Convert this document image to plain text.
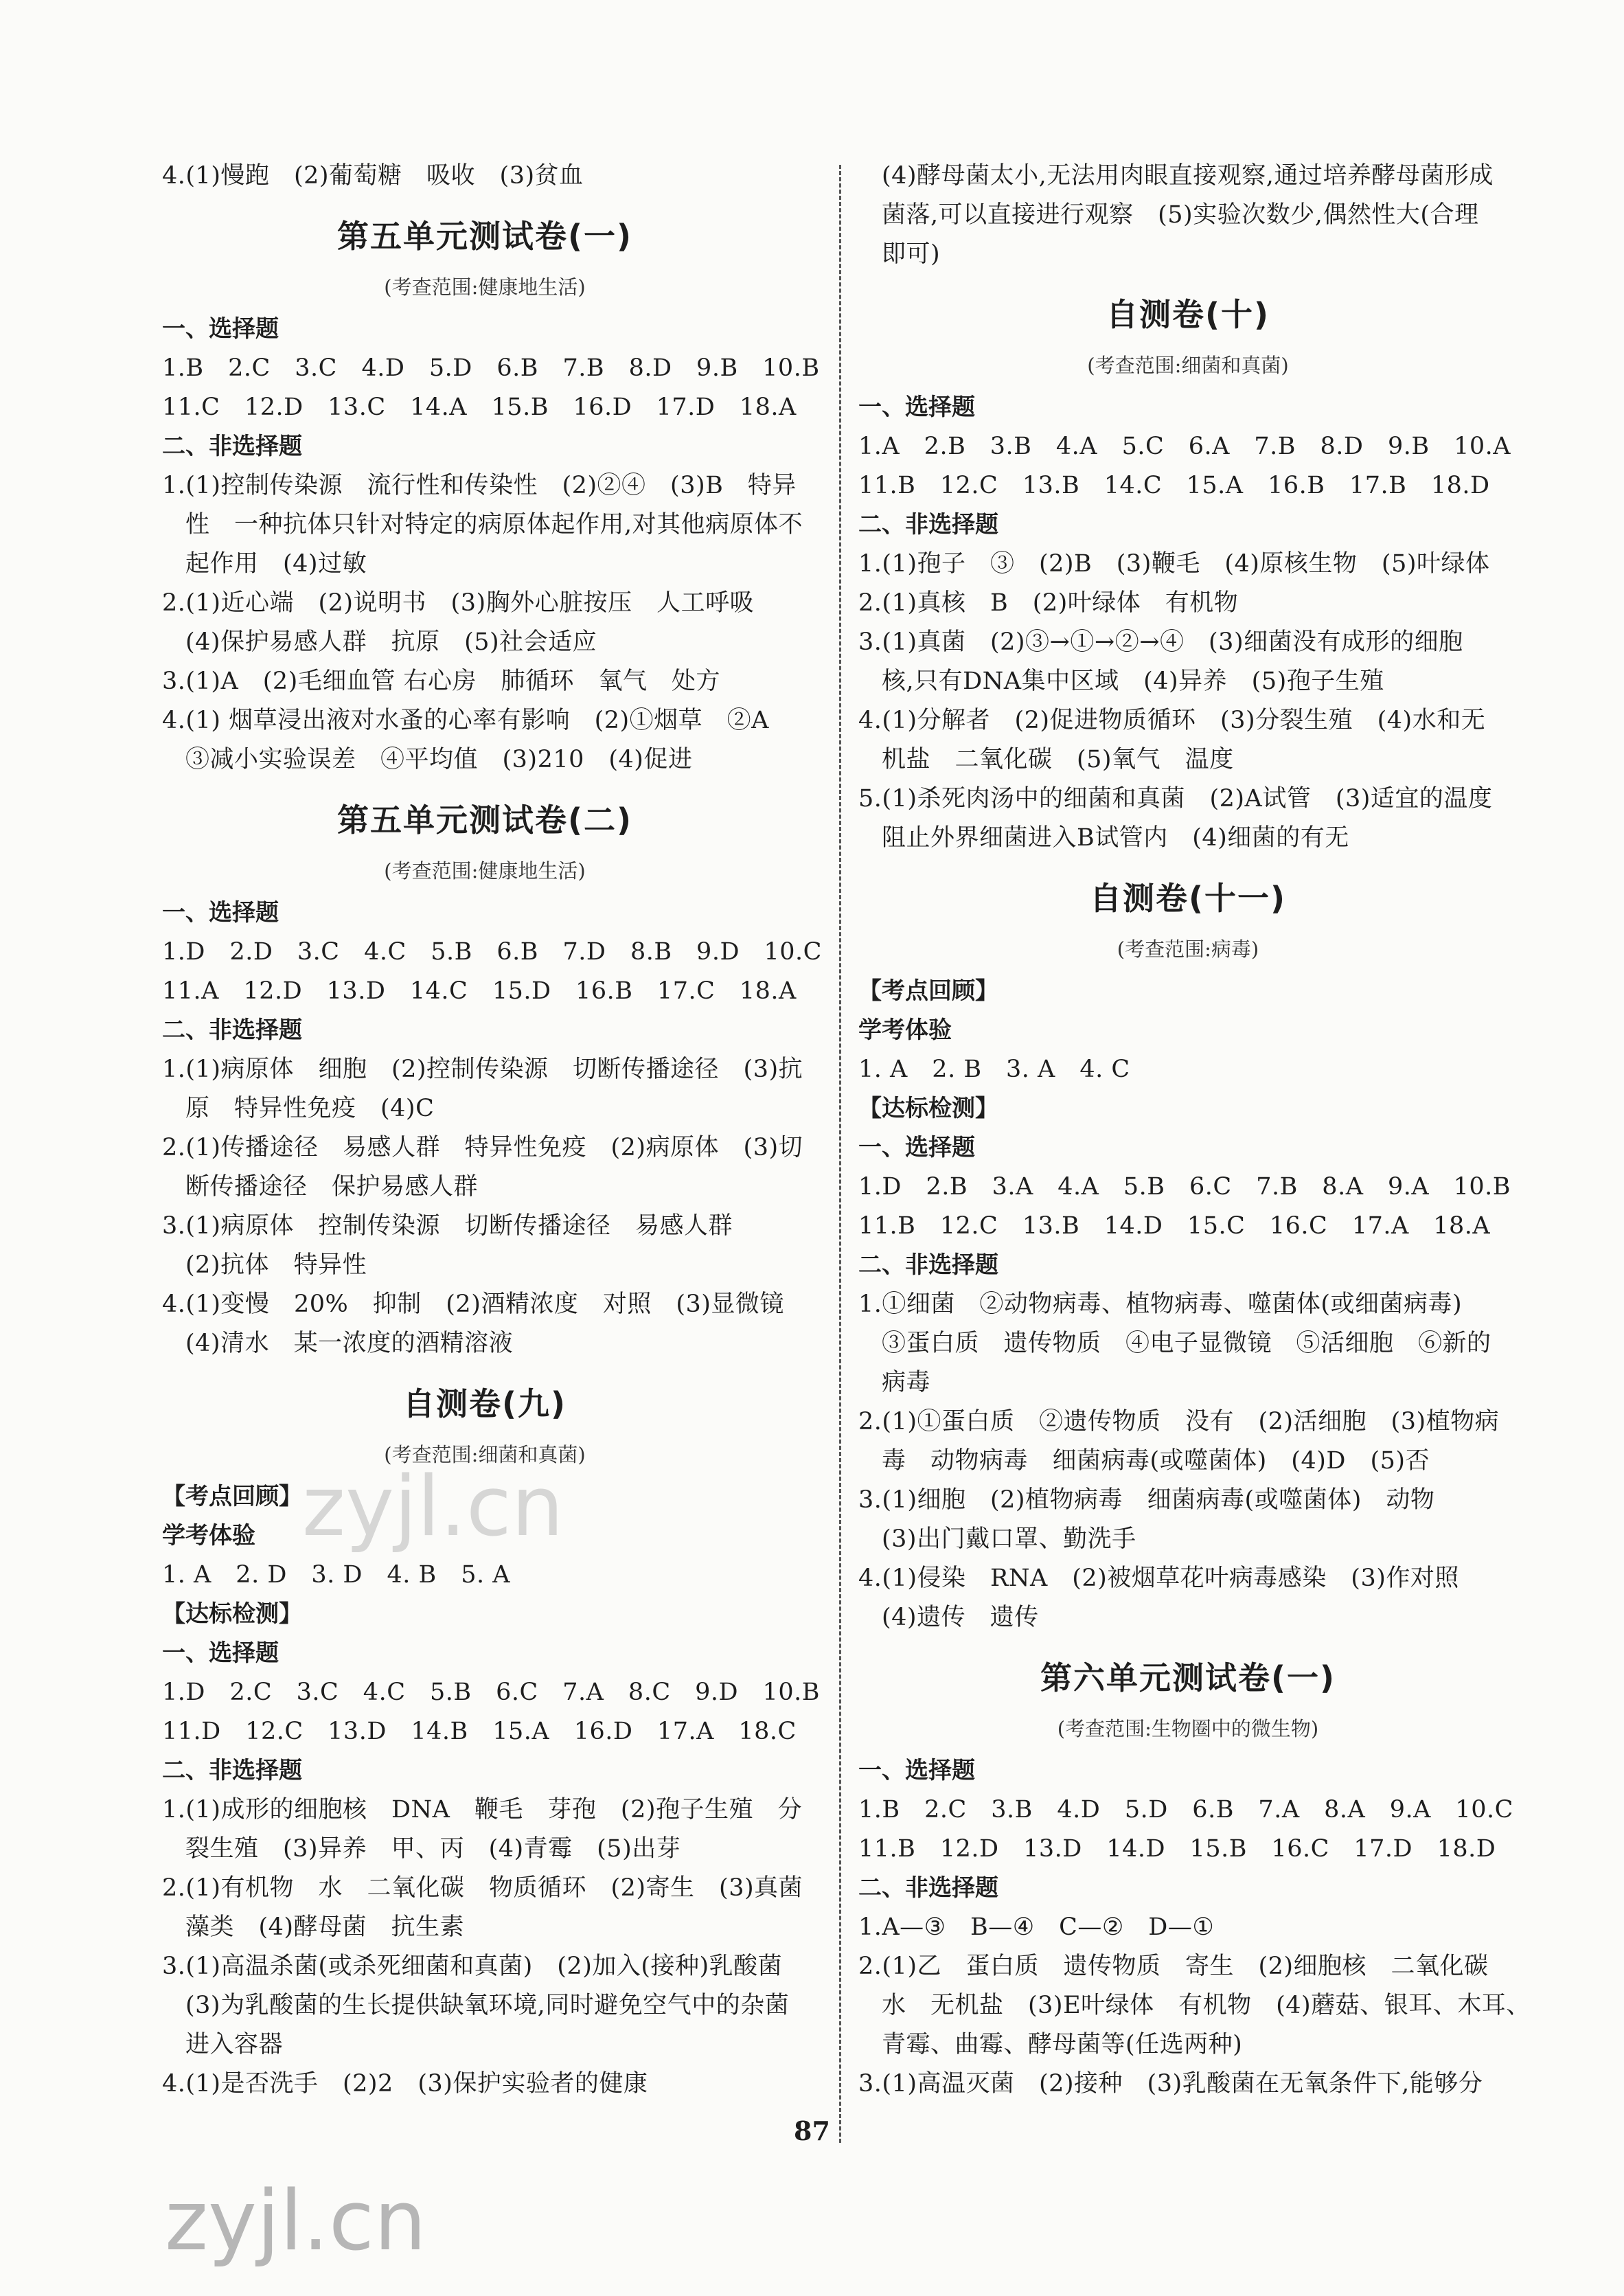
4.(1)慢跑　(2)葡萄糖　吸收　(3)贫血
第五单元测试卷(一)
(考查范围:健康地生活)
一、选择题
1.B　2.C　3.C　4.D　5.D　6.B　7.B　8.D　9.B　10.B
11.C　12.D　13.C　14.A　15.B　16.D　17.D　18.A
二、非选择题
1.(1)控制传染源　流行性和传染性　(2)②④　(3)B　特异
性　一种抗体只针对特定的病原体起作用,对其他病原体不
起作用　(4)过敏
2.(1)近心端　(2)说明书　(3)胸外心脏按压　人工呼吸
(4)保护易感人群　抗原　(5)社会适应
3.(1)A　(2)毛细血管 右心房　肺循环　氧气　处方
4.(1) 烟草浸出液对水蚤的心率有影响　(2)①烟草　②A
③减小实验误差　④平均值　(3)210　(4)促进
第五单元测试卷(二)
(考查范围:健康地生活)
一、选择题
1.D　2.D　3.C　4.C　5.B　6.B　7.D　8.B　9.D　10.C
11.A　12.D　13.D　14.C　15.D　16.B　17.C　18.A
二、非选择题
1.(1)病原体　细胞　(2)控制传染源　切断传播途径　(3)抗
原　特异性免疫　(4)C
2.(1)传播途径　易感人群　特异性免疫　(2)病原体　(3)切
断传播途径　保护易感人群
3.(1)病原体　控制传染源　切断传播途径　易感人群
(2)抗体　特异性
4.(1)变慢　20%　抑制　(2)酒精浓度　对照　(3)显微镜
(4)清水　某一浓度的酒精溶液
自测卷(九)
(考查范围:细菌和真菌)
【考点回顾】
学考体验
1. A　2. D　3. D　4. B　5. A
【达标检测】
一、选择题
1.D　2.C　3.C　4.C　5.B　6.C　7.A　8.C　9.D　10.B
11.D　12.C　13.D　14.B　15.A　16.D　17.A　18.C
二、非选择题
1.(1)成形的细胞核　DNA　鞭毛　芽孢　(2)孢子生殖　分
裂生殖　(3)异养　甲、丙　(4)青霉　(5)出芽
2.(1)有机物　水　二氧化碳　物质循环　(2)寄生　(3)真菌
藻类　(4)酵母菌　抗生素
3.(1)高温杀菌(或杀死细菌和真菌)　(2)加入(接种)乳酸菌
(3)为乳酸菌的生长提供缺氧环境,同时避免空气中的杂菌
进入容器
4.(1)是否洗手　(2)2　(3)保护实验者的健康
(4)酵母菌太小,无法用肉眼直接观察,通过培养酵母菌形成
菌落,可以直接进行观察　(5)实验次数少,偶然性大(合理
即可)
自测卷(十)
(考查范围:细菌和真菌)
一、选择题
1.A　2.B　3.B　4.A　5.C　6.A　7.B　8.D　9.B　10.A
11.B　12.C　13.B　14.C　15.A　16.B　17.B　18.D
二、非选择题
1.(1)孢子　③　(2)B　(3)鞭毛　(4)原核生物　(5)叶绿体
2.(1)真核　B　(2)叶绿体　有机物
3.(1)真菌　(2)③→①→②→④　(3)细菌没有成形的细胞
核,只有DNA集中区域　(4)异养　(5)孢子生殖
4.(1)分解者　(2)促进物质循环　(3)分裂生殖　(4)水和无
机盐　二氧化碳　(5)氧气　温度
5.(1)杀死肉汤中的细菌和真菌　(2)A试管　(3)适宜的温度
阻止外界细菌进入B试管内　(4)细菌的有无
自测卷(十一)
(考查范围:病毒)
【考点回顾】
学考体验
1. A　2. B　3. A　4. C
【达标检测】
一、选择题
1.D　2.B　3.A　4.A　5.B　6.C　7.B　8.A　9.A　10.B
11.B　12.C　13.B　14.D　15.C　16.C　17.A　18.A
二、非选择题
1.①细菌　②动物病毒、植物病毒、噬菌体(或细菌病毒)
③蛋白质　遗传物质　④电子显微镜　⑤活细胞　⑥新的
病毒
2.(1)①蛋白质　②遗传物质　没有　(2)活细胞　(3)植物病
毒　动物病毒　细菌病毒(或噬菌体)　(4)D　(5)否
3.(1)细胞　(2)植物病毒　细菌病毒(或噬菌体)　动物
(3)出门戴口罩、勤洗手
4.(1)侵染　RNA　(2)被烟草花叶病毒感染　(3)作对照
(4)遗传　遗传
第六单元测试卷(一)
(考查范围:生物圈中的微生物)
一、选择题
1.B　2.C　3.B　4.D　5.D　6.B　7.A　8.A　9.A　10.C
11.B　12.D　13.D　14.D　15.B　16.C　17.D　18.D
二、非选择题
1.A—③　B—④　C—②　D—①
2.(1)乙　蛋白质　遗传物质　寄生　(2)细胞核　二氧化碳
水　无机盐　(3)E叶绿体　有机物　(4)蘑菇、银耳、木耳、
青霉、曲霉、酵母菌等(任选两种)
3.(1)高温灭菌　(2)接种　(3)乳酸菌在无氧条件下,能够分
87
zyjl.cn
zyjl.cn
